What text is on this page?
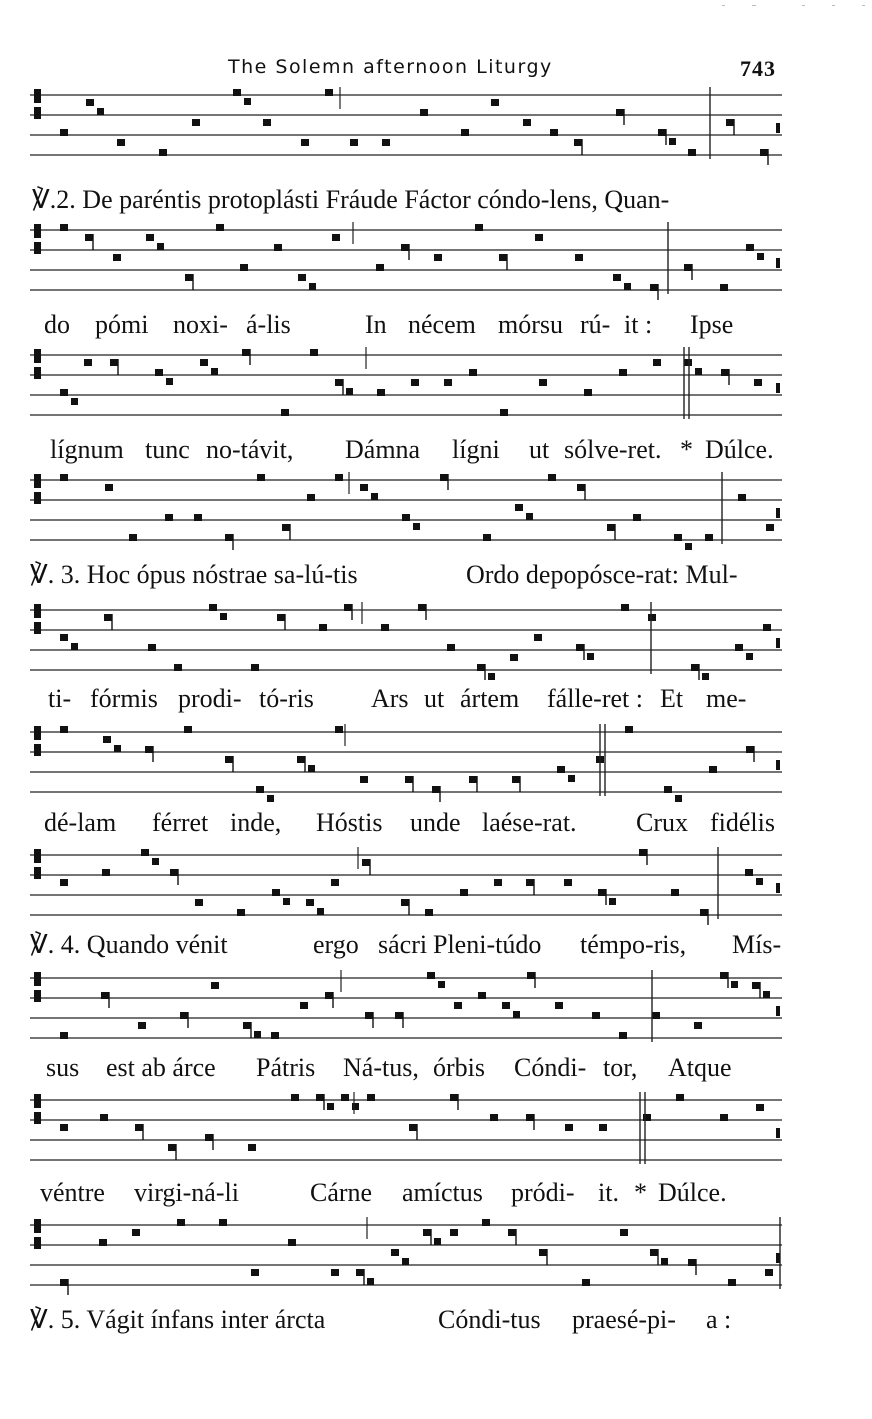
The Solemn afternoon Liturgy	743
℣.2. De paréntis protoplásti Fráude Fáctor cóndo-lens, Quan-
do pómi noxi- á-lis	In nécem mórsu rú- it : Ipse
lígnum tunc no-távit, Dámna lígni ut sólve-ret. * Dúlce.
℣. 3. Hoc ópus nóstrae sa-lú-tis	Ordo depopósce-rat: Mul-
ti- fórmis prodi- tó-ris Ars ut ártem fálle-ret : Et me-
dé-lam férret inde, Hóstis unde laése-rat. Crux fidélis
℣. 4. Quando vénit	ergo sácri Pleni-túdo témpo-ris, Mís-
sus est ab árce Pátris Ná-tus, órbis Cóndi- tor, Atque
véntre virgi-ná-li	Cárne amíctus pródi- it. * Dúlce.
℣. 5. Vágit ínfans inter árcta	Cóndi-tus praesé-pi- a :
